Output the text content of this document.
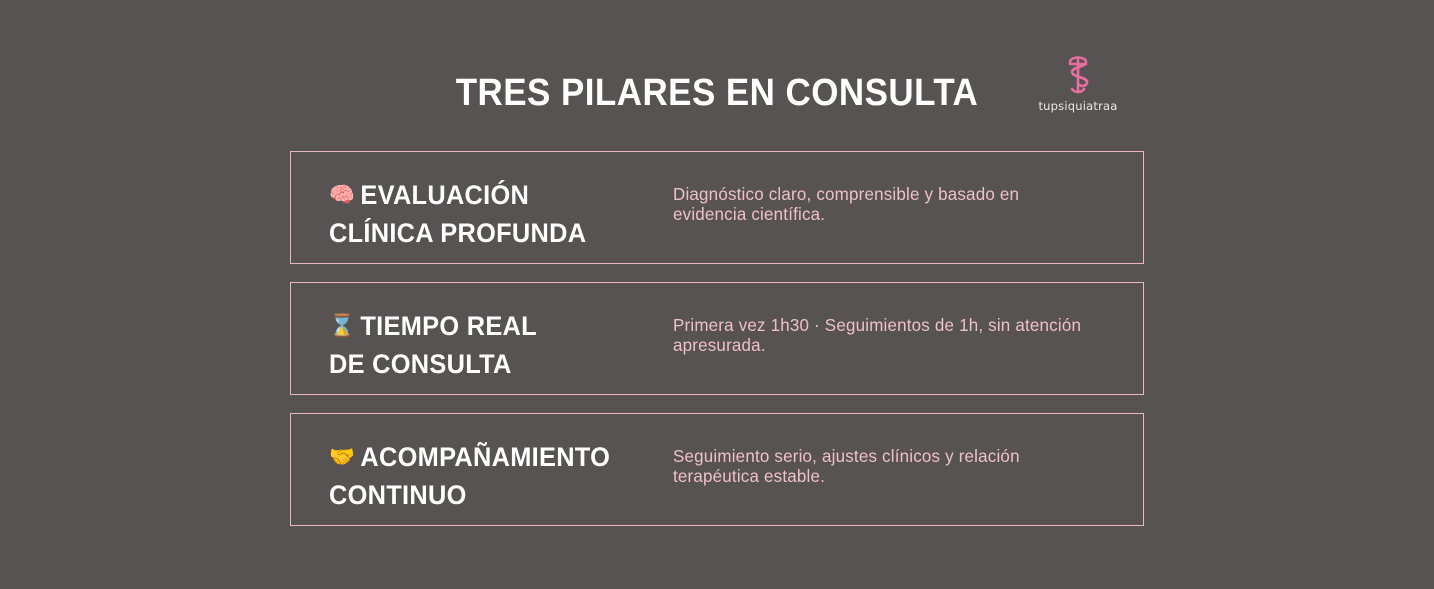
TRES PILARES EN CONSULTA	tupsiquiatraa
🧠 EVALUACIÓN
CLÍNICA PROFUNDA
Diagnóstico claro, comprensible y basado en evidencia científica.
⌛ TIEMPO REAL
DE CONSULTA
Primera vez 1h30 · Seguimientos de 1h, sin atención apresurada.
🤝 ACOMPAÑAMIENTO
CONTINUO
Seguimiento serio, ajustes clínicos y relación terapéutica estable.
